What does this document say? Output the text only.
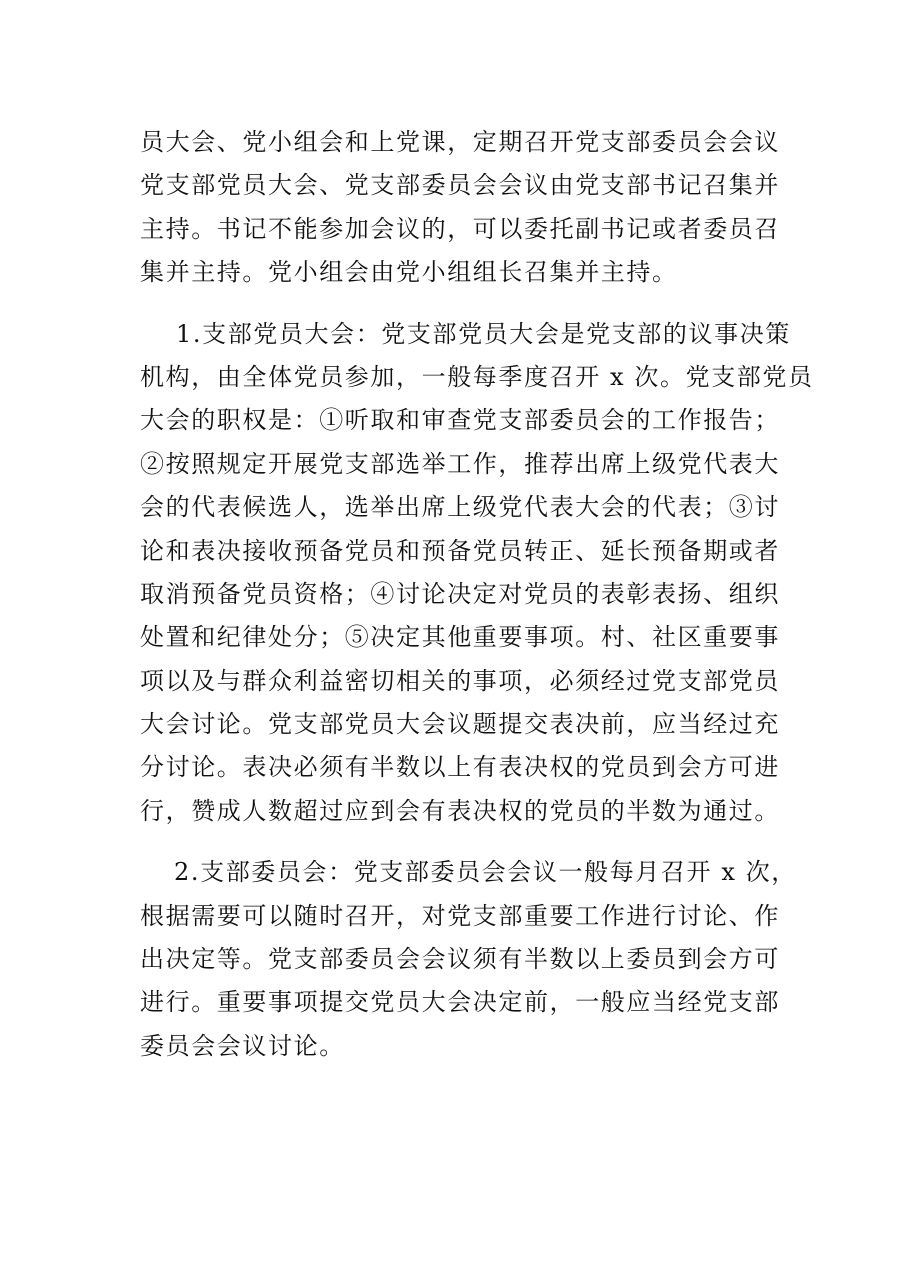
员大会、党小组会和上党课，定期召开党支部委员会会议
党支部党员大会、党支部委员会会议由党支部书记召集并
主持。书记不能参加会议的，可以委托副书记或者委员召
集并主持。党小组会由党小组组长召集并主持。
1.支部党员大会：党支部党员大会是党支部的议事决策
机构，由全体党员参加，一般每季度召开 x 次。党支部党员
大会的职权是：①听取和审查党支部委员会的工作报告；
②按照规定开展党支部选举工作，推荐出席上级党代表大
会的代表候选人，选举出席上级党代表大会的代表；③讨
论和表决接收预备党员和预备党员转正、延长预备期或者
取消预备党员资格；④讨论决定对党员的表彰表扬、组织
处置和纪律处分；⑤决定其他重要事项。村、社区重要事
项以及与群众利益密切相关的事项，必须经过党支部党员
大会讨论。党支部党员大会议题提交表决前，应当经过充
分讨论。表决必须有半数以上有表决权的党员到会方可进
行，赞成人数超过应到会有表决权的党员的半数为通过。
2.支部委员会：党支部委员会会议一般每月召开 x 次，
根据需要可以随时召开，对党支部重要工作进行讨论、作
出决定等。党支部委员会会议须有半数以上委员到会方可
进行。重要事项提交党员大会决定前，一般应当经党支部
委员会会议讨论。
